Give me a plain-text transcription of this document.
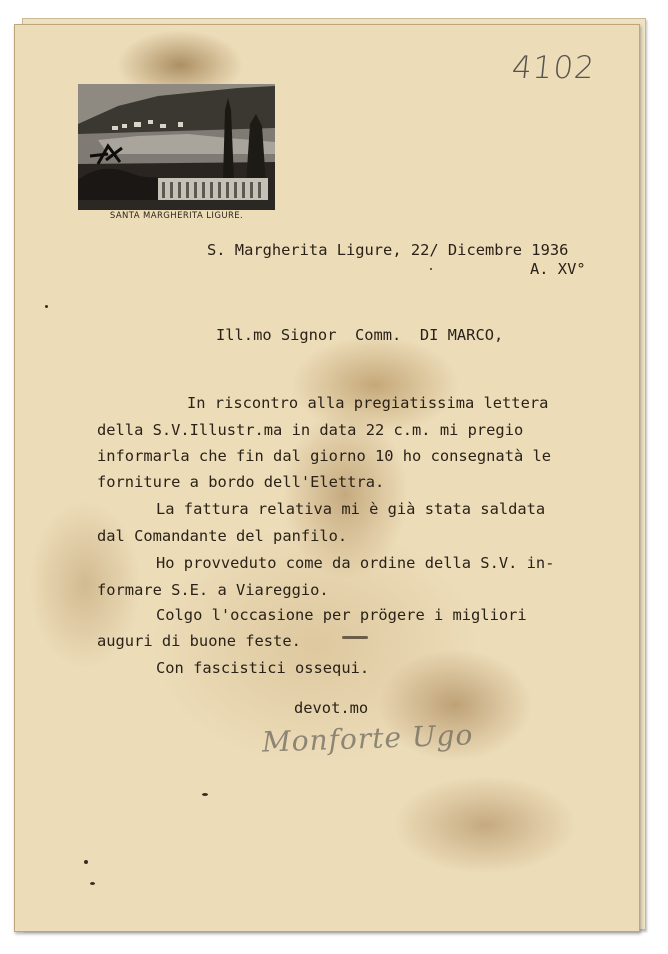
SANTA MARGHERITA LIGURE.
4102
S. Margherita Ligure, 22/ Dicembre 1936
A. XV°
Ill.mo Signor  Comm.  DI MARCO,
In riscontro alla pregiatissima lettera
della S.V.Illustr.ma in data 22 c.m. mi pregio
informarla che fin dal giorno 10 ho consegnatà le
forniture a bordo dell'Elettra.
La fattura relativa mi è già stata saldata
dal Comandante del panfilo.
Ho provveduto come da ordine della S.V. in-
formare S.E. a Viareggio.
Colgo l'occasione per prögere i migliori
auguri di buone feste.
Con fascistici ossequi.
devot.mo
Monforte Ugo
